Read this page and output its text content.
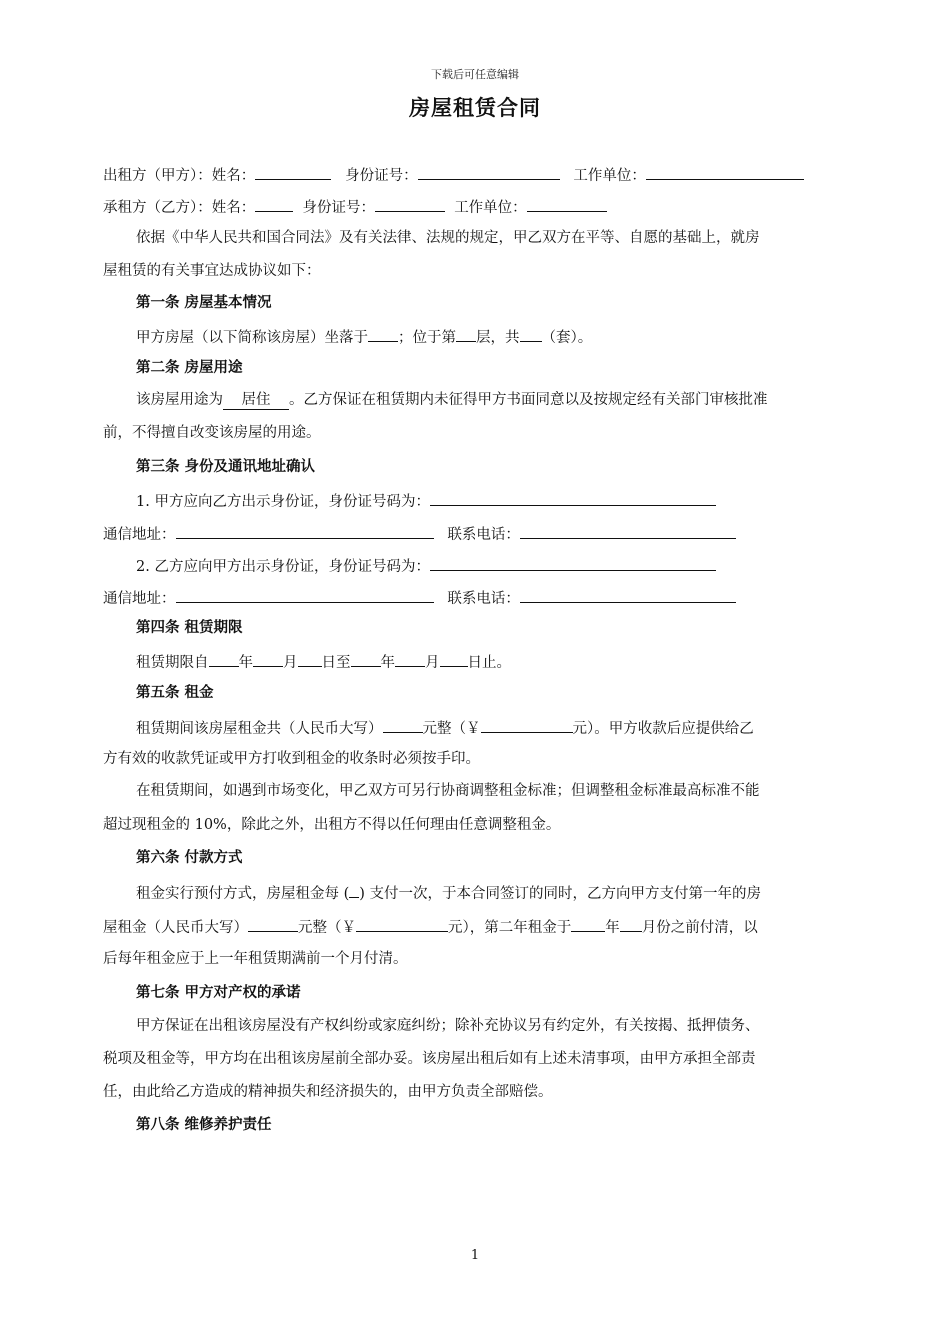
下载后可任意编辑
房屋租赁合同
出租方（甲方）：姓名：	身份证号：	工作单位：
承租方（乙方）：姓名：	身份证号：	工作单位：
依据《中华人民共和国合同法》及有关法律、法规的规定，甲乙双方在平等、自愿的基础上，就房
屋租赁的有关事宜达成协议如下：
第一条 房屋基本情况
甲方房屋（以下简称该房屋）坐落于 ；位于第 层，共 （套）。
第二条 房屋用途
该房屋用途为 居住 。乙方保证在租赁期内未征得甲方书面同意以及按规定经有关部门审核批准
前，不得擅自改变该房屋的用途。
第三条 身份及通讯地址确认
1. 甲方应向乙方出示身份证，身份证号码为：
通信地址：	联系电话：
2. 乙方应向甲方出示身份证，身份证号码为：
通信地址：	联系电话：
第四条 租赁期限
租赁期限自 年 月 日至 年 月 日止。
第五条 租金
租赁期间该房屋租金共（人民币大写）	元整（￥	元）。甲方收款后应提供给乙
方有效的收款凭证或甲方打收到租金的收条时必须按手印。
在租赁期间，如遇到市场变化，甲乙双方可另行协商调整租金标准；但调整租金标准最高标准不能
超过现租金的 10%，除此之外，出租方不得以任何理由任意调整租金。
第六条 付款方式
租金实行预付方式，房屋租金每 ( ) 支付一次，于本合同签订的同时，乙方向甲方支付第一年的房
屋租金（人民币大写）	元整（￥	元），第二年租金于 年 月份之前付清，以
后每年租金应于上一年租赁期满前一个月付清。
第七条 甲方对产权的承诺
甲方保证在出租该房屋没有产权纠纷或家庭纠纷；除补充协议另有约定外，有关按揭、抵押债务、
税项及租金等，甲方均在出租该房屋前全部办妥。该房屋出租后如有上述未清事项，由甲方承担全部责
任，由此给乙方造成的精神损失和经济损失的，由甲方负责全部赔偿。
第八条 维修养护责任
1
